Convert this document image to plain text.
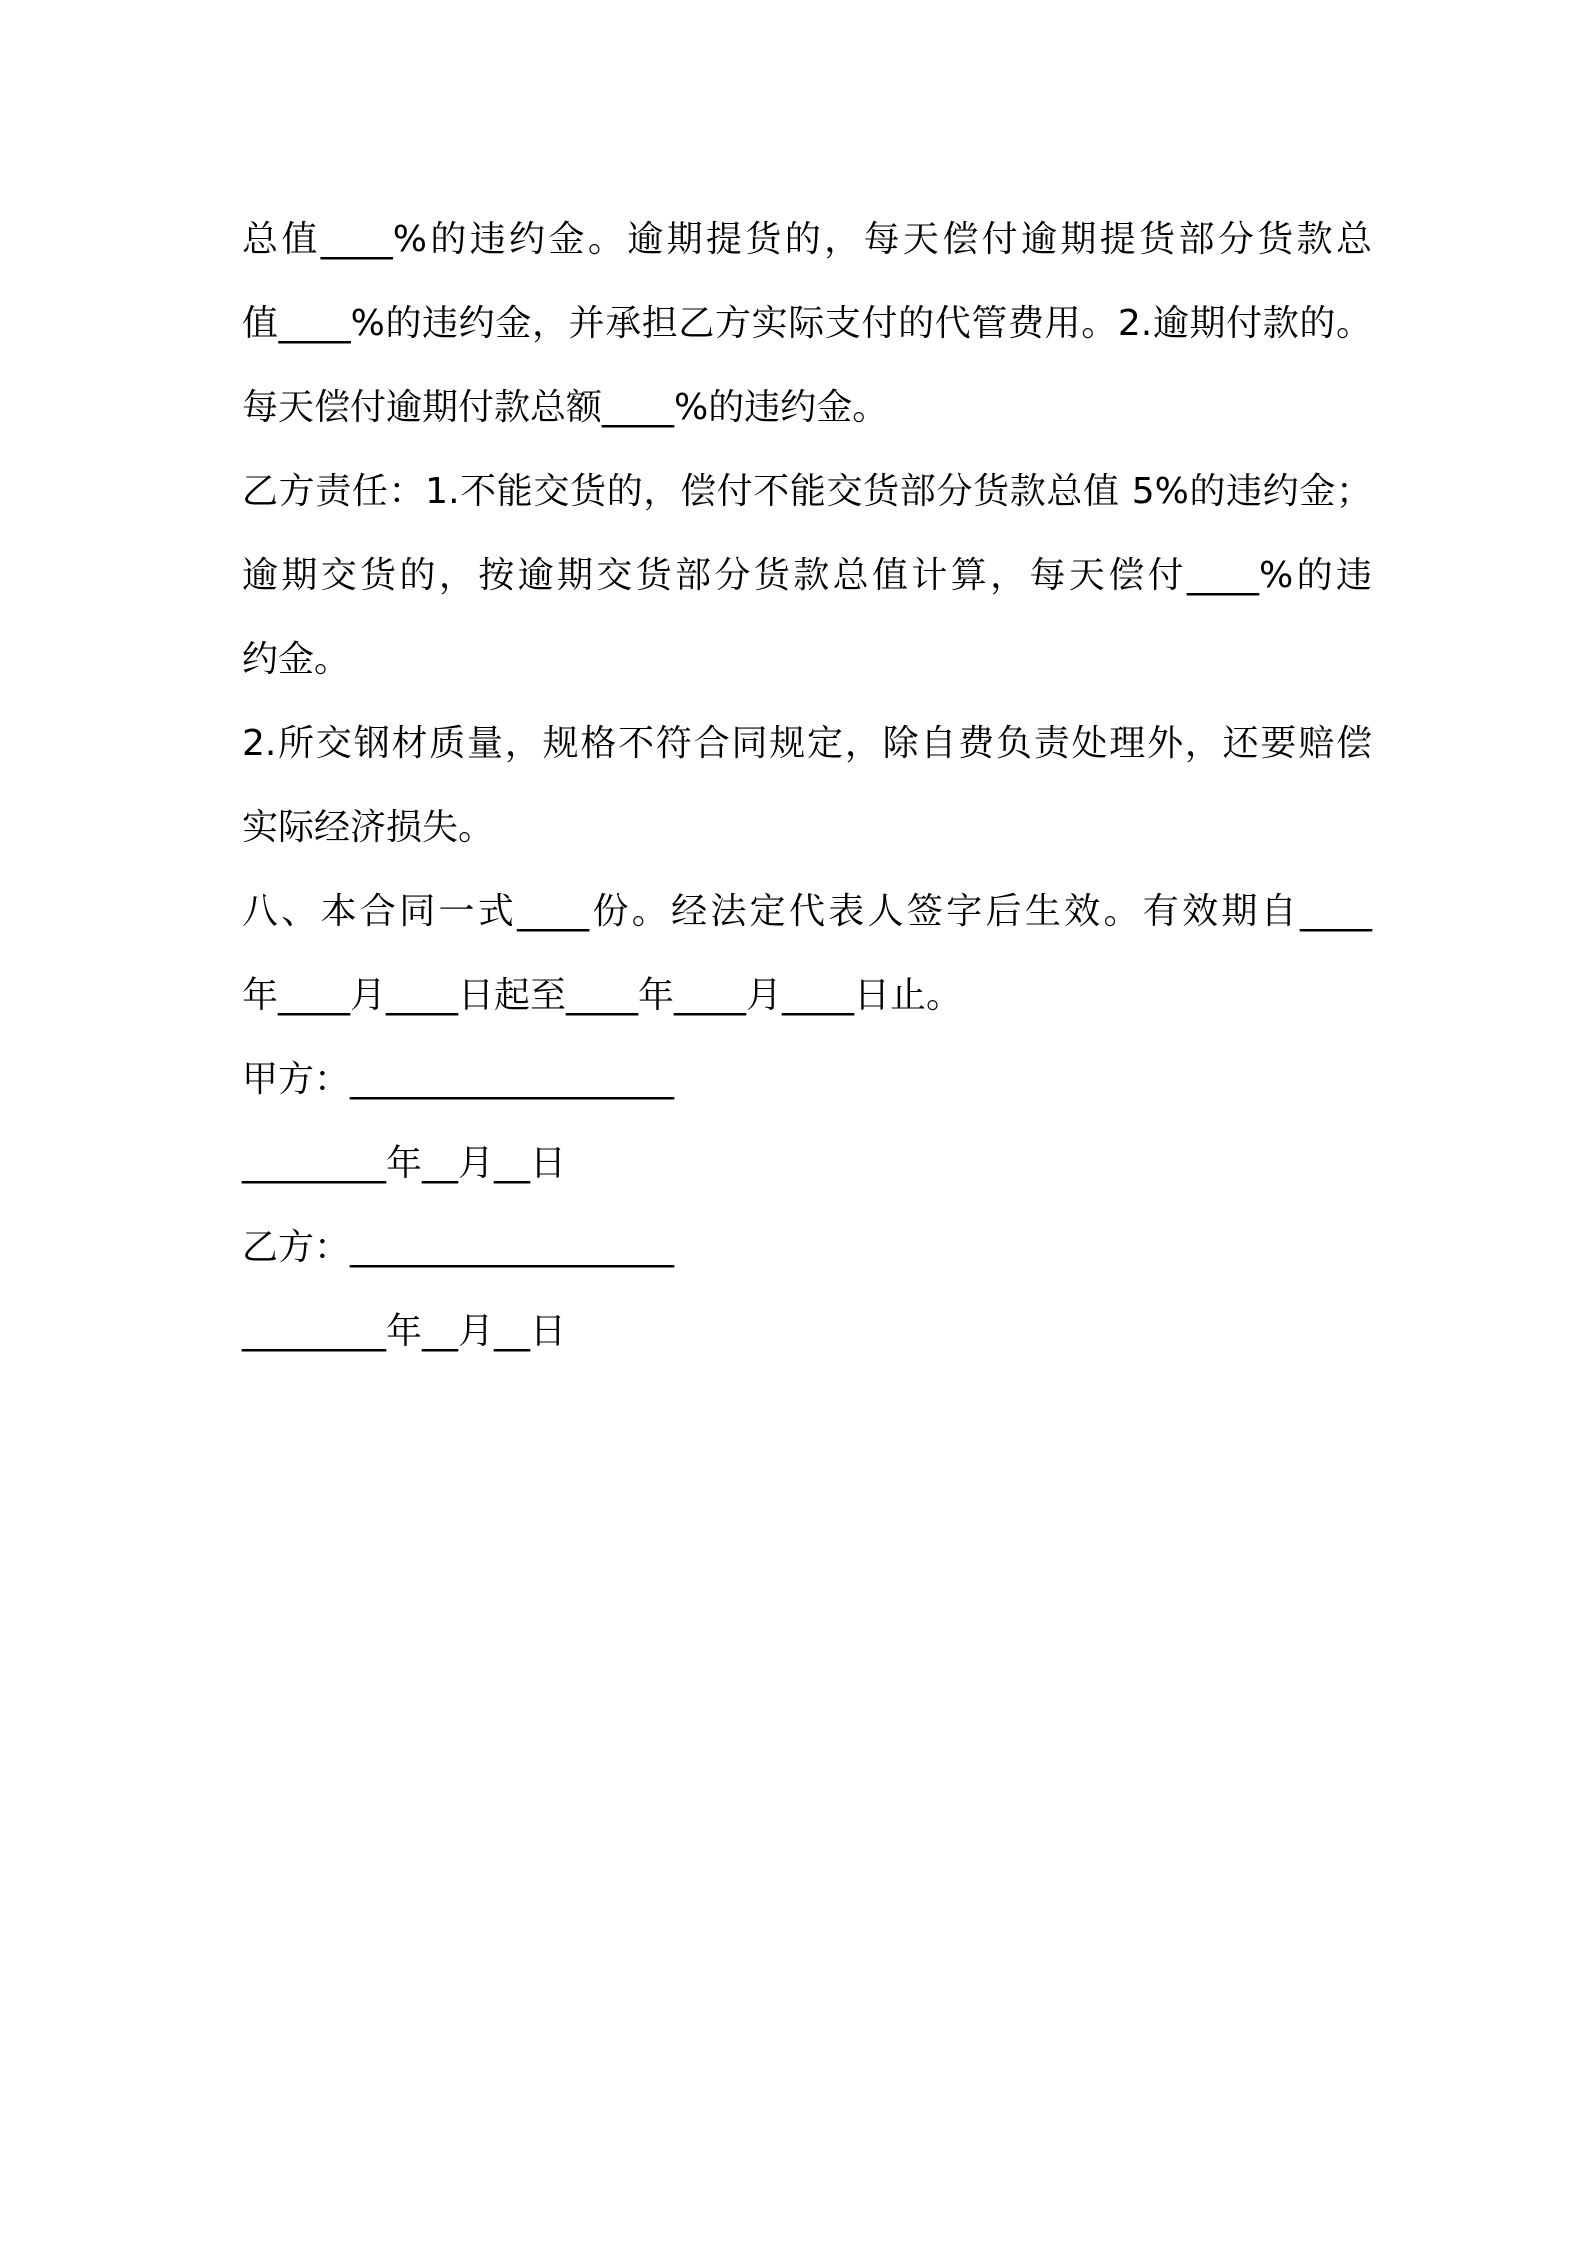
总值____%的违约金。逾期提货的，每天偿付逾期提货部分货款总
值____%的违约金，并承担乙方实际支付的代管费用。2.逾期付款的。
每天偿付逾期付款总额____%的违约金。
乙方责任：1.不能交货的，偿付不能交货部分货款总值 5%的违约金；
逾期交货的，按逾期交货部分货款总值计算，每天偿付____%的违
约金。
2.所交钢材质量，规格不符合同规定，除自费负责处理外，还要赔偿
实际经济损失。
八、本合同一式____份。经法定代表人签字后生效。有效期自____
年____月____日起至____年____月____日止。
甲方：__________________
________年__月__日
乙方：__________________
________年__月__日
